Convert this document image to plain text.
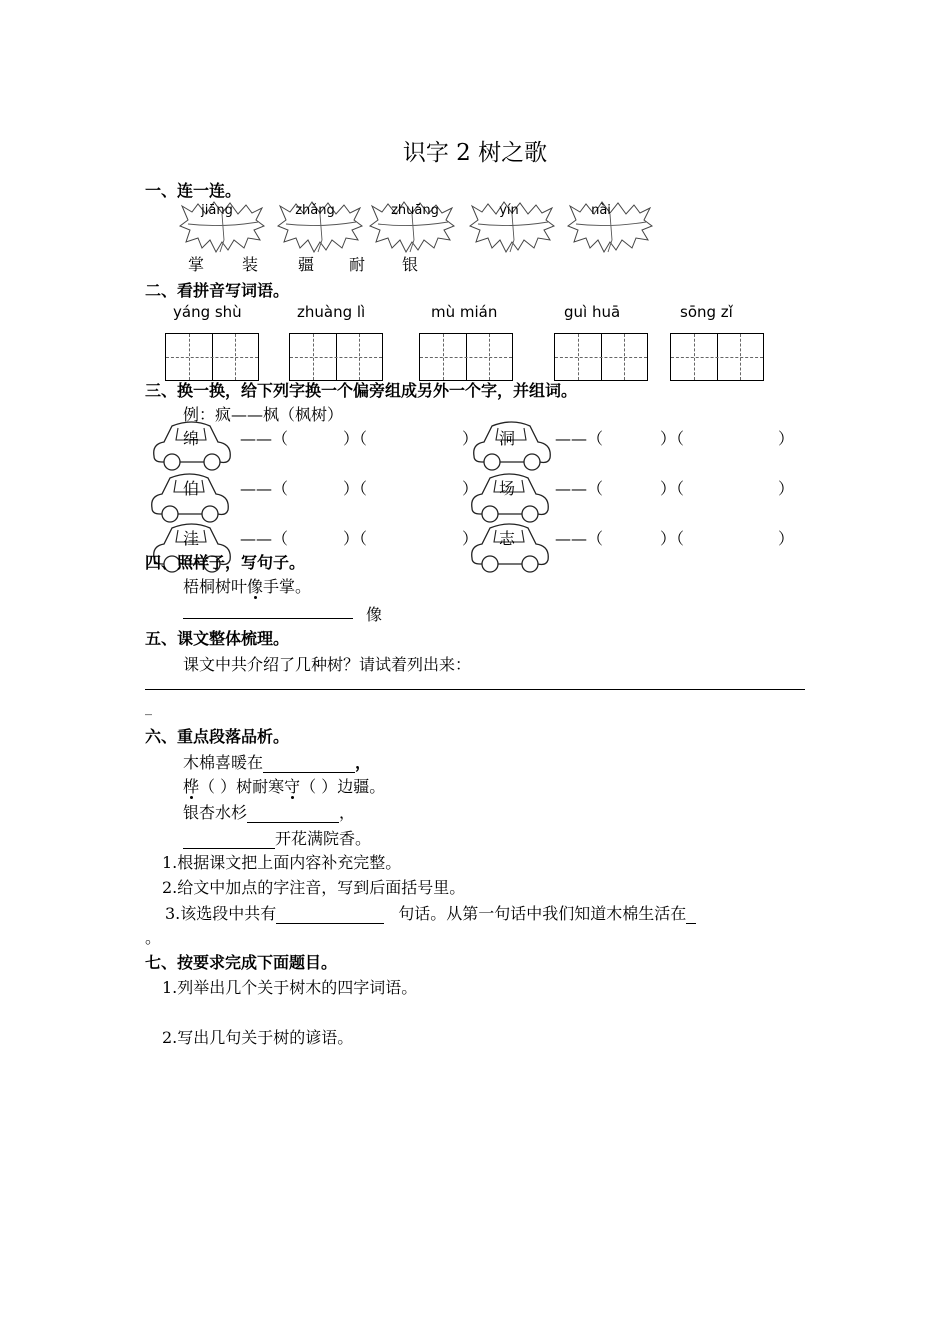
识字 2 树之歌
一、连一连。
jiāng	zhǎng	zhuāng	yín	nài
掌 装 疆 耐 银
二、看拼音写词语。
yáng shù	zhuàng lì	mù mián	guì huā	sōng zǐ
三、换一换，给下列字换一个偏旁组成另外一个字，并组词。
例：疯——枫（枫树）
绵	——（	）（	） 洞 ——（	）（	）
伯	——（	）（	） 场 ——（	）（	）
洼	——（	）（	） 志 ——（	）（	）
四、照样子，写句子。
梧桐树叶像手掌。
像
五、课文整体梳理。
课文中共介绍了几种树？请试着列出来：
_
六、重点段落品析。
木棉喜暖在	，
桦（ ）树耐寒守（ ）边疆。
银杏水杉	，
开花满院香。
1.根据课文把上面内容补充完整。
2.给文中加点的字注音，写到后面括号里。
3.该选段中共有	句话。从第一句话中我们知道木棉生活在
。
七、按要求完成下面题目。
1.列举出几个关于树木的四字词语。
2.写出几句关于树的谚语。
